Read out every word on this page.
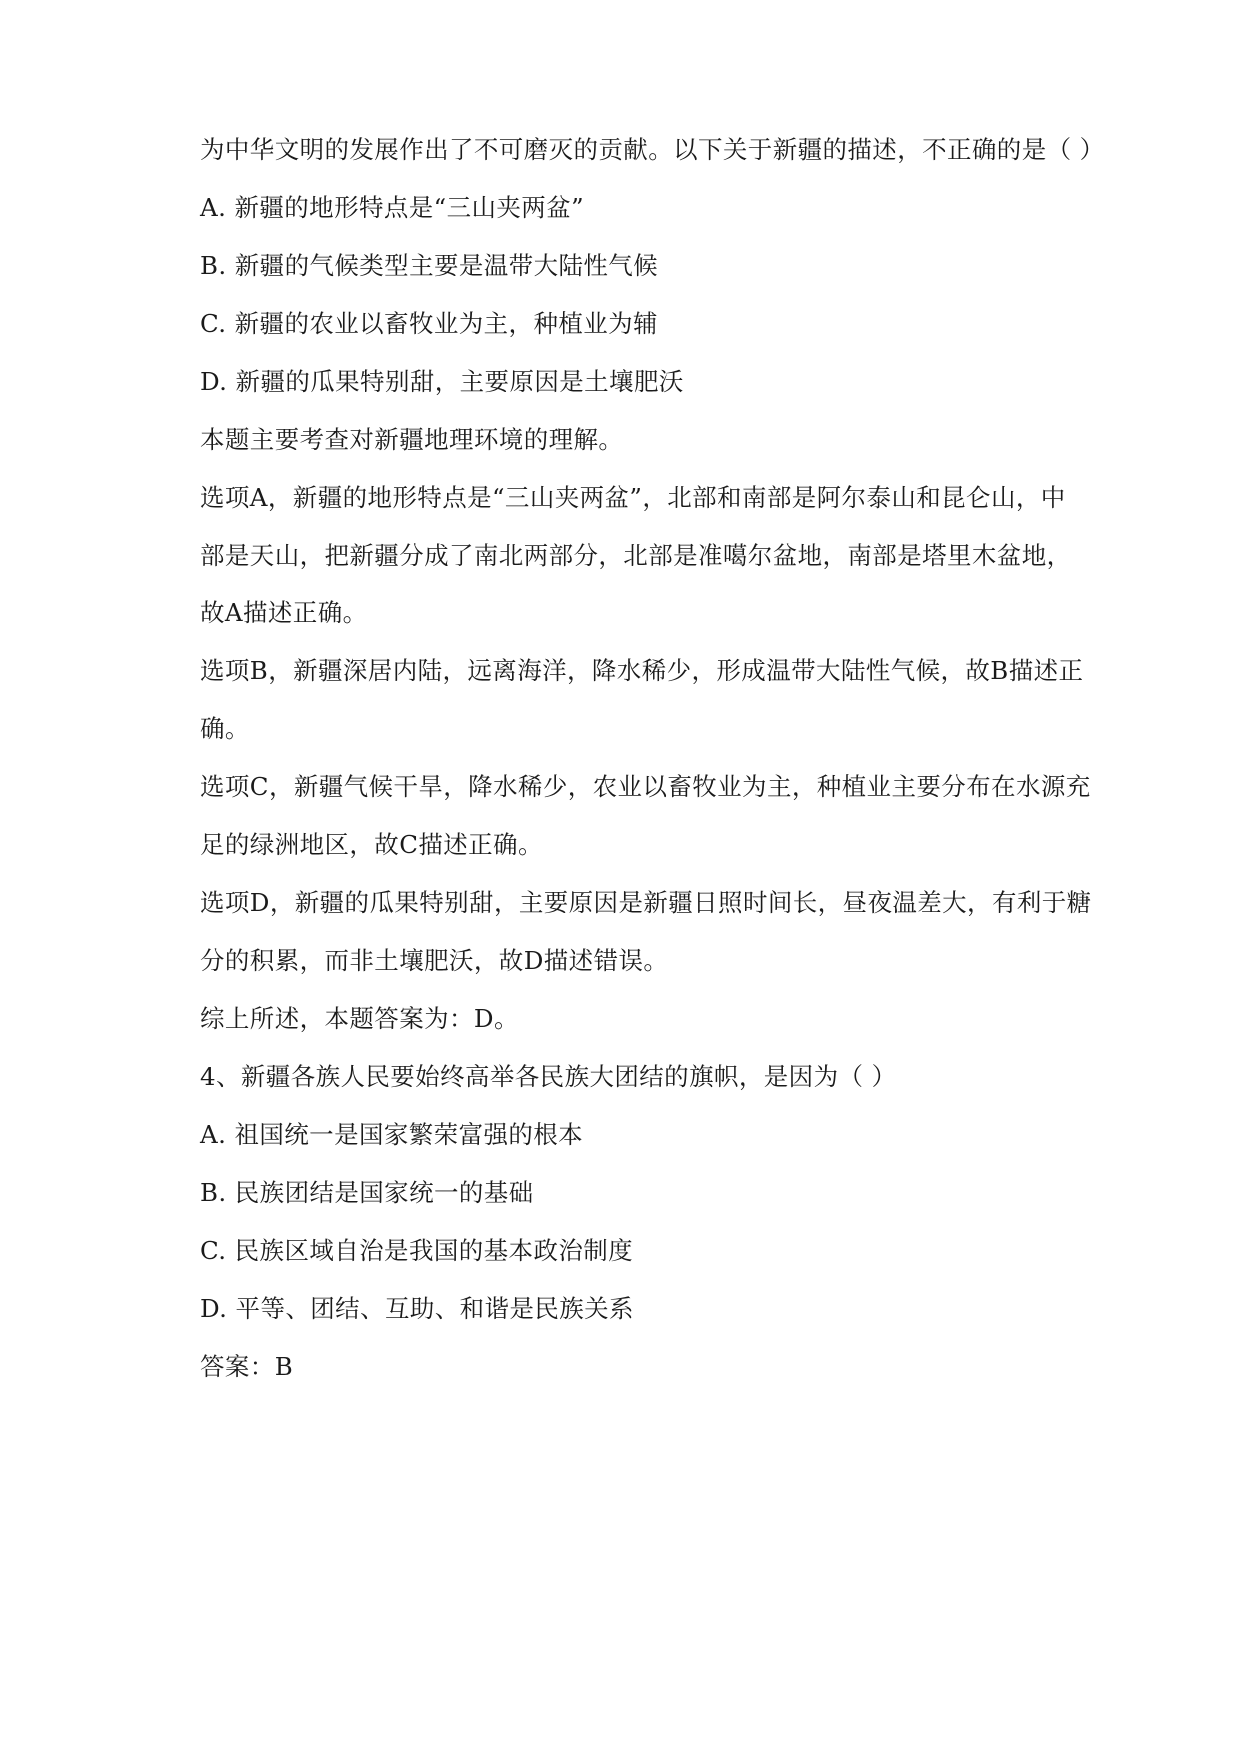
为中华文明的发展作出了不可磨灭的贡献。以下关于新疆的描述，不正确的是（ ）
A. 新疆的地形特点是“三山夹两盆”
B. 新疆的气候类型主要是温带大陆性气候
C. 新疆的农业以畜牧业为主，种植业为辅
D. 新疆的瓜果特别甜，主要原因是土壤肥沃
本题主要考查对新疆地理环境的理解。
选项A，新疆的地形特点是“三山夹两盆”，北部和南部是阿尔泰山和昆仑山，中
部是天山，把新疆分成了南北两部分，北部是准噶尔盆地，南部是塔里木盆地，
故A描述正确。
选项B，新疆深居内陆，远离海洋，降水稀少，形成温带大陆性气候，故B描述正
确。
选项C，新疆气候干旱，降水稀少，农业以畜牧业为主，种植业主要分布在水源充
足的绿洲地区，故C描述正确。
选项D，新疆的瓜果特别甜，主要原因是新疆日照时间长，昼夜温差大，有利于糖
分的积累，而非土壤肥沃，故D描述错误。
综上所述，本题答案为：D。
4、新疆各族人民要始终高举各民族大团结的旗帜，是因为（ ）
A. 祖国统一是国家繁荣富强的根本
B. 民族团结是国家统一的基础
C. 民族区域自治是我国的基本政治制度
D. 平等、团结、互助、和谐是民族关系
答案：B
